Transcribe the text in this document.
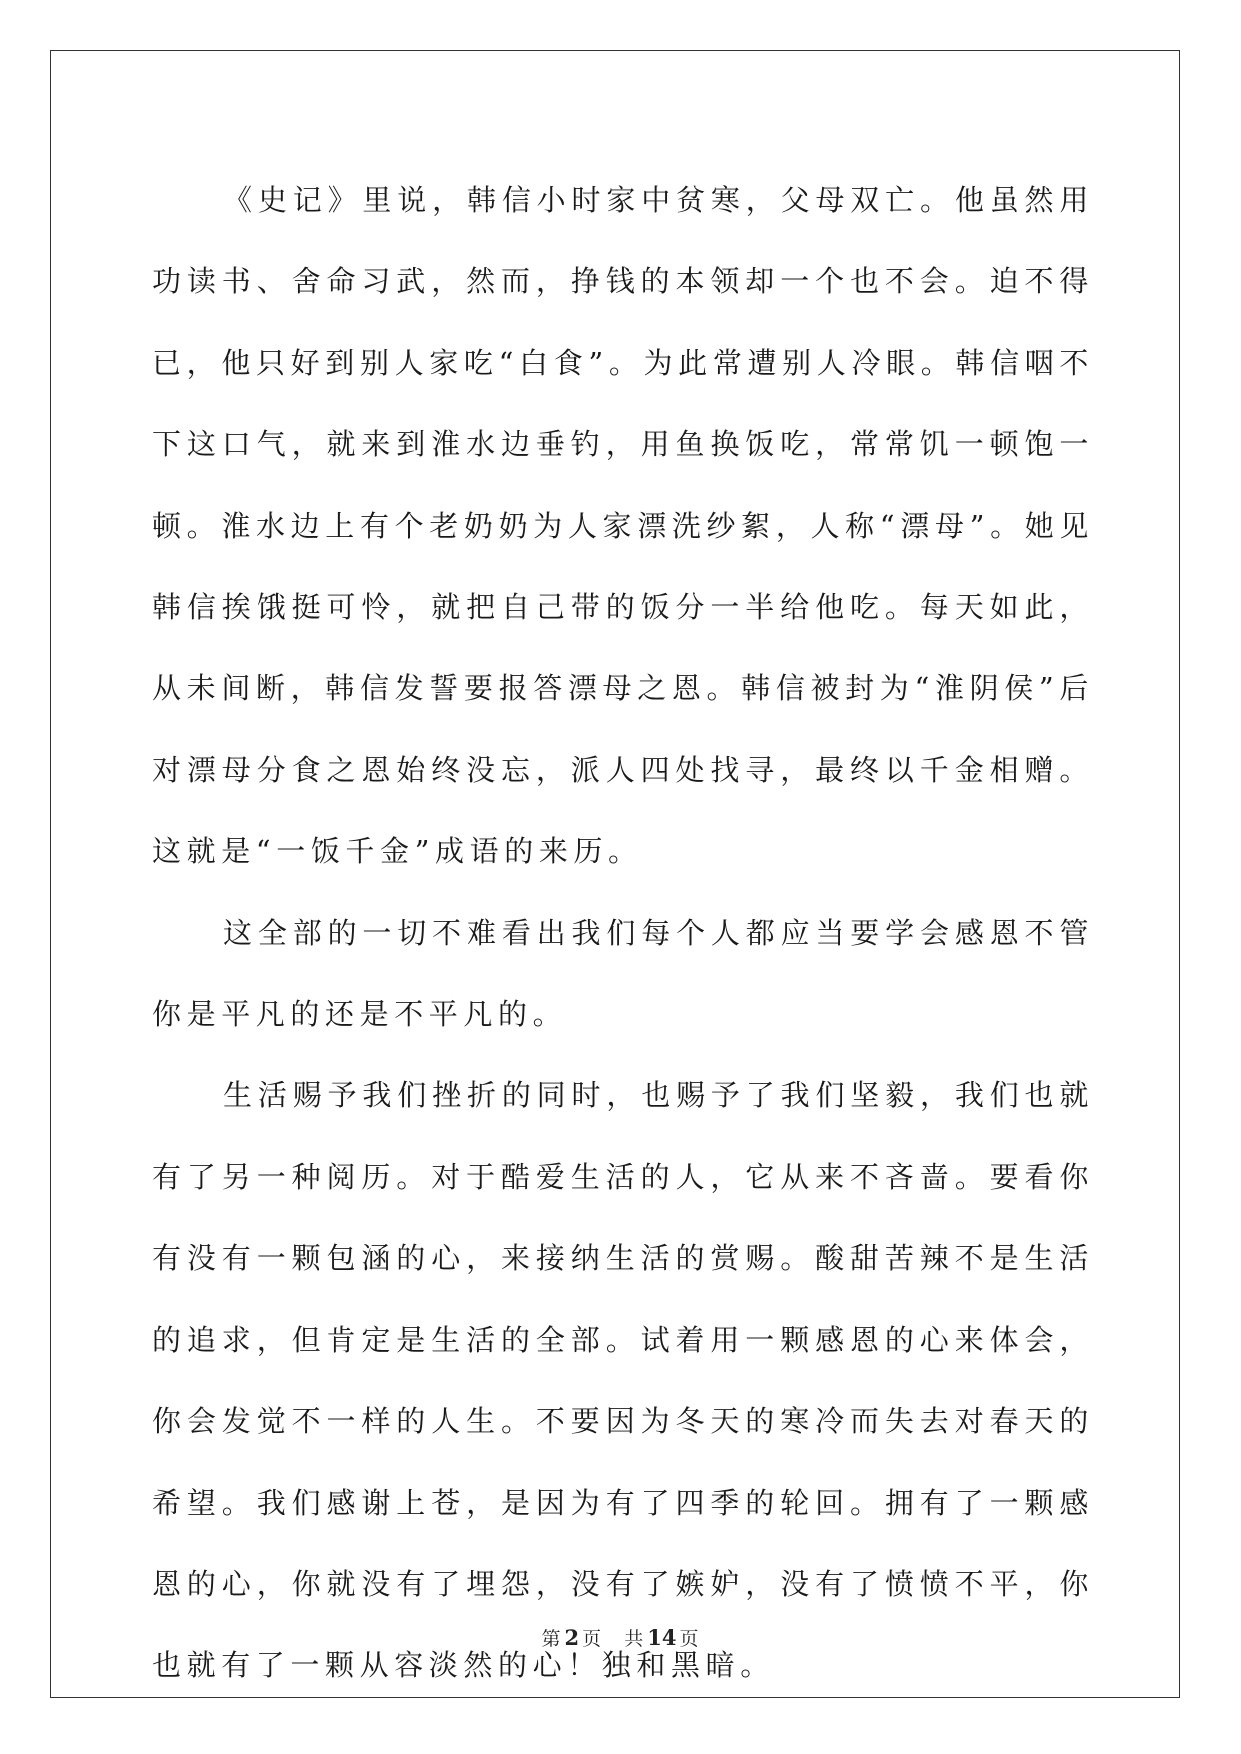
《史记》里说，韩信小时家中贫寒，父母双亡。他虽然用功读书、舍命习武，然而，挣钱的本领却一个也不会。迫不得已，他只好到别人家吃“白食”。为此常遭别人冷眼。韩信咽不下这口气，就来到淮水边垂钓，用鱼换饭吃，常常饥一顿饱一顿。淮水边上有个老奶奶为人家漂洗纱絮，人称“漂母”。她见韩信挨饿挺可怜，就把自己带的饭分一半给他吃。每天如此，从未间断，韩信发誓要报答漂母之恩。韩信被封为“淮阴侯”后对漂母分食之恩始终没忘，派人四处找寻，最终以千金相赠。这就是“一饭千金”成语的来历。

这全部的一切不难看出我们每个人都应当要学会感恩不管你是平凡的还是不平凡的。

生活赐予我们挫折的同时，也赐予了我们坚毅，我们也就有了另一种阅历。对于酷爱生活的人，它从来不吝啬。要看你有没有一颗包涵的心，来接纳生活的赏赐。酸甜苦辣不是生活的追求，但肯定是生活的全部。试着用一颗感恩的心来体会，你会发觉不一样的人生。不要因为冬天的寒冷而失去对春天的希望。我们感谢上苍，是因为有了四季的轮回。拥有了一颗感恩的心，你就没有了埋怨，没有了嫉妒，没有了愤愤不平，你也就有了一颗从容淡然的心！独和黑暗。

第 2 页 共 14 页
